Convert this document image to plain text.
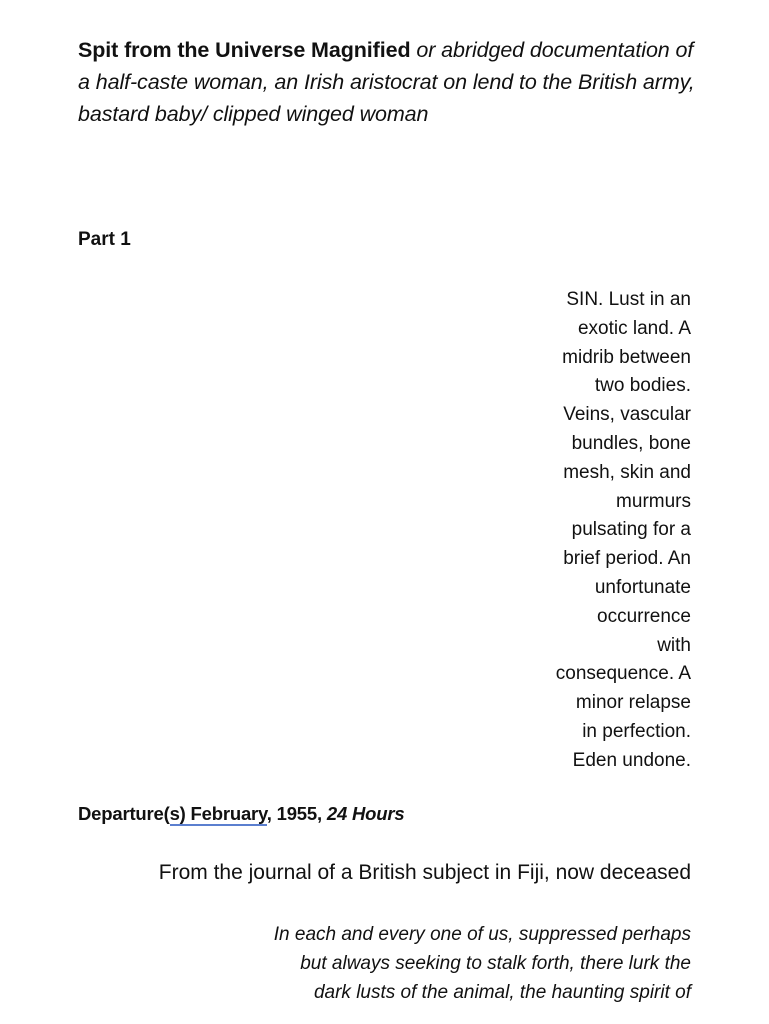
Spit from the Universe Magnified or abridged documentation of a half-caste woman, an Irish aristocrat on lend to the British army, bastard baby/ clipped winged woman
Part 1
SIN. Lust in an
exotic land. A
midrib between
two bodies.
Veins, vascular
bundles, bone
mesh, skin and
murmurs
pulsating for a
brief period. An
unfortunate
occurrence
with
consequence. A
minor relapse
in perfection.
Eden undone.
Departure(s) February, 1955, 24 Hours
From the journal of a British subject in Fiji, now deceased
In each and every one of us, suppressed perhaps
but always seeking to stalk forth, there lurk the
dark lusts of the animal, the haunting spirit of
